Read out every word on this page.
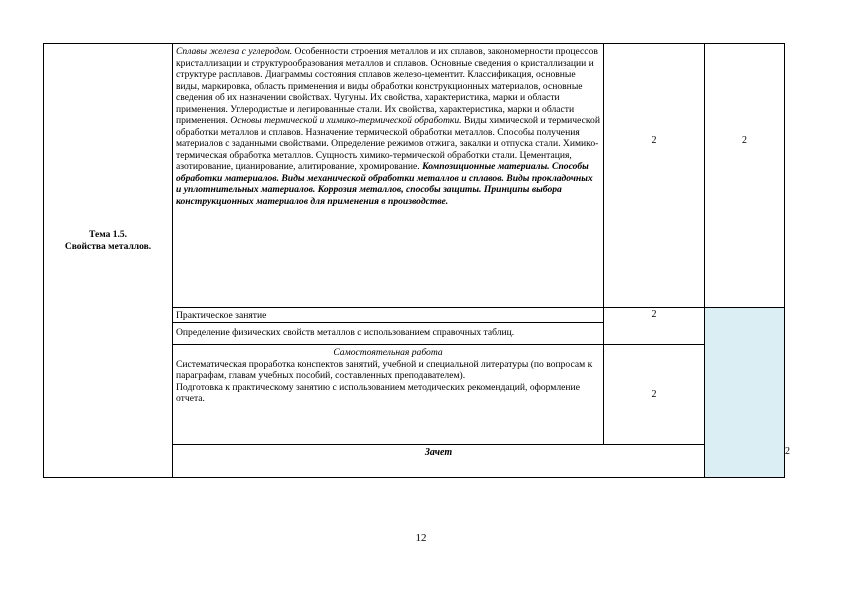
Тема 1.5.
Свойства металлов.	Сплавы железа с углеродом. Особенности строения металлов и их сплавов, закономерности процессов кристаллизации и структурообразования металлов и сплавов. Основные сведения о кристаллизации и структуре расплавов. Диаграммы состояния сплавов железо-цементит. Классификация, основные виды, маркировка, область применения и виды обработки конструкционных материалов, основные сведения об их назначении свойствах. Чугуны. Их свойства, характеристика, марки и области применения. Углеродистые и легированные стали. Их свойства, характеристика, марки и области применения. Основы термической и химико-термической обработки. Виды химической и термической обработки металлов и сплавов. Назначение термической обработки металлов. Способы получения материалов с заданными свойствами. Определение режимов отжига, закалки и отпуска стали. Химико-термическая обработка металлов. Сущность химико-термической обработки стали. Цементация, азотирование, цианирование, алитирование, хромирование. Композиционные материалы. Способы обработки материалов. Виды механической обработки металлов и сплавов. Виды прокладочных и уплотнительных материалов. Коррозия металлов, способы защиты. Принципы выбора конструкционных материалов для применения в производстве.	2	2	

	Практическое занятие
Определение физических свойств металлов с использованием справочных таблиц.	2		

	Самостоятельная работа
Систематическая проработка конспектов занятий, учебной и специальной литературы (по вопросам к параграфам, главам учебных пособий, составленных преподавателем).
Подготовка к практическому занятию с использованием методических рекомендаций, оформление отчета.	2		
	Зачет			2
12
